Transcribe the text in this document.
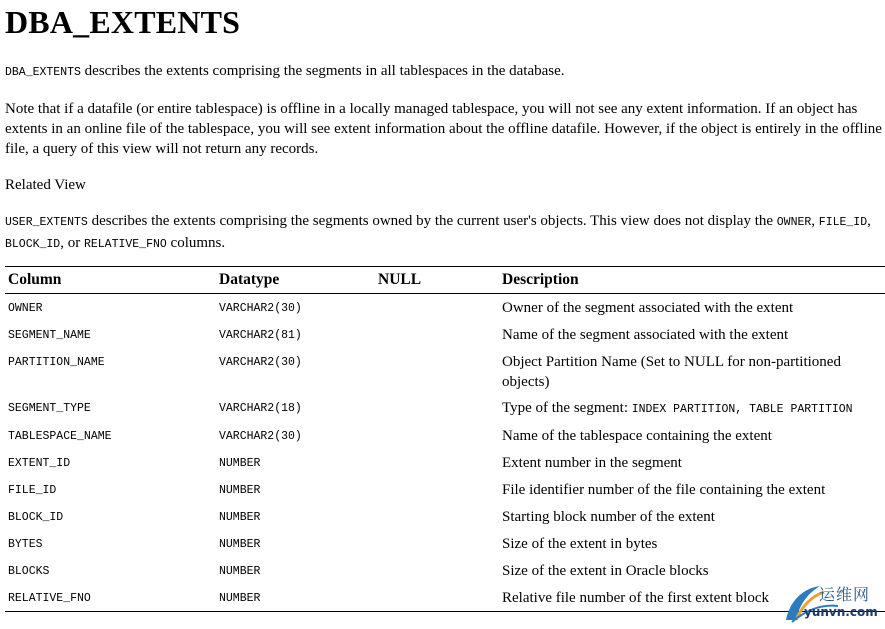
DBA_EXTENTS

DBA_EXTENTS describes the extents comprising the segments in all tablespaces in the database.

Note that if a datafile (or entire tablespace) is offline in a locally managed tablespace, you will not see any extent information. If an object has extents in an online file of the tablespace, you will see extent information about the offline datafile. However, if the object is entirely in the offline file, a query of this view will not return any records.

Related View

USER_EXTENTS describes the extents comprising the segments owned by the current user's objects. This view does not display the OWNER, FILE_ID, BLOCK_ID, or RELATIVE_FNO columns.

Column	Datatype	NULL	Description
OWNER	VARCHAR2(30)		Owner of the segment associated with the extent
SEGMENT_NAME	VARCHAR2(81)		Name of the segment associated with the extent
PARTITION_NAME	VARCHAR2(30)		Object Partition Name (Set to NULL for non-partitioned objects)
SEGMENT_TYPE	VARCHAR2(18)		Type of the segment: INDEX PARTITION, TABLE PARTITION
TABLESPACE_NAME	VARCHAR2(30)		Name of the tablespace containing the extent
EXTENT_ID	NUMBER		Extent number in the segment
FILE_ID	NUMBER		File identifier number of the file containing the extent
BLOCK_ID	NUMBER		Starting block number of the extent
BYTES	NUMBER		Size of the extent in bytes
BLOCKS	NUMBER		Size of the extent in Oracle blocks
RELATIVE_FNO	NUMBER		Relative file number of the first extent block	运维网
yunvn.com
